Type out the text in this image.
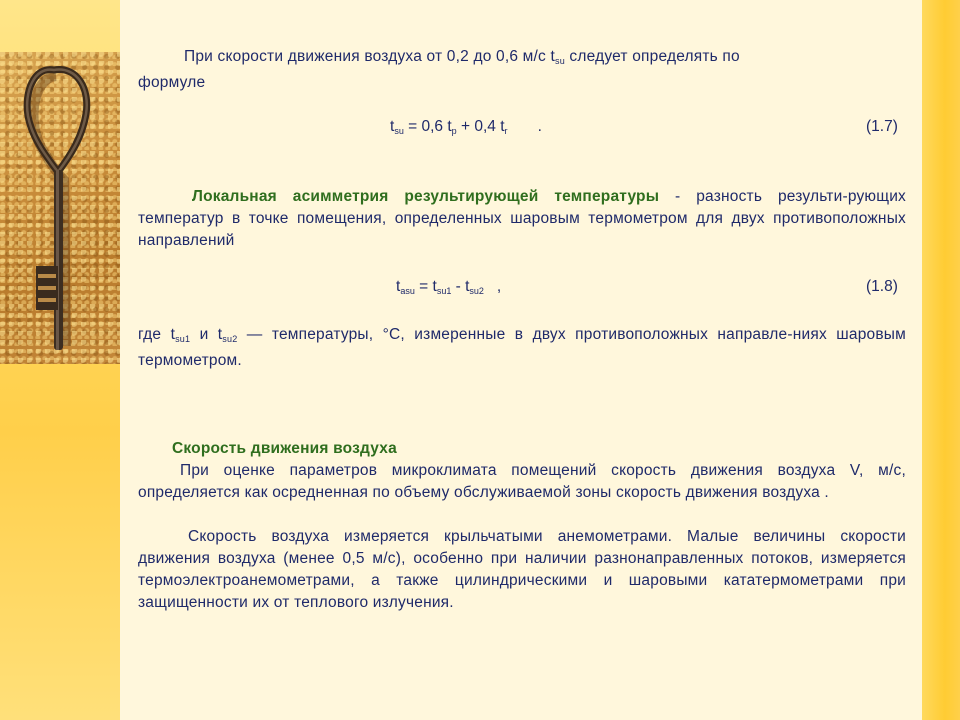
При скорости движения воздуха от 0,2 до 0,6 м/с $t_{su}$ следует определять по
формуле

$t_{su} = 0,6$ $t_p + 0,4$ $t_r$       .	(1.7)

Локальная асимметрия результирующей температуры - разность результи-рующих температур в точке помещения, определенных шаровым термометром для двух противоположных направлений

$t_{asu} = t_{su1} - t_{su2}$   ,	(1.8)

где $t_{su1}$ и $t_{su2}$ — температуры, °С, измеренные в двух противоположных направле-ниях шаровым термометром.

Скорость движения воздуха

При оценке параметров микроклимата помещений скорость движения воздуха V, м/с, определяется как осредненная по объему обслуживаемой зоны скорость движения воздуха .

Скорость воздуха измеряется крыльчатыми анемометрами. Малые величины скорости движения воздуха (менее 0,5 м/с), особенно при наличии разнонаправленных потоков, измеряется термоэлектроанемометрами, а также цилиндрическими и шаровыми кататермометрами при защищенности их от теплового излучения.
